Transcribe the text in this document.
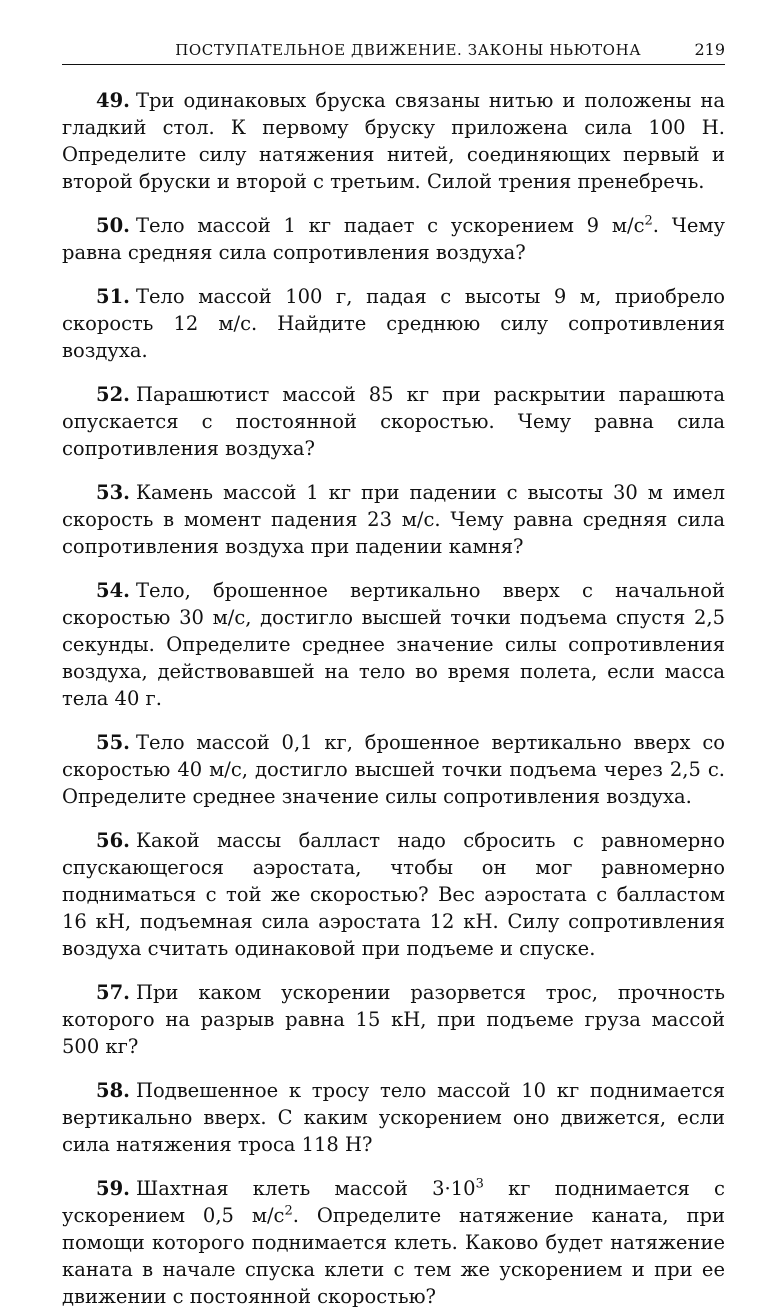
ПОСТУПАТЕЛЬНОЕ ДВИЖЕНИЕ. ЗАКОНЫ НЬЮТОНА	219

49. Три одинаковых бруска связаны нитью и положены на гладкий стол. К первому бруску приложена сила 100 Н. Определите силу натяжения нитей, соединяющих первый и второй бруски и второй с третьим. Силой трения пренебречь.

50. Тело массой 1 кг падает с ускорением 9 $м/с^2$. Чему равна средняя сила сопротивления воздуха?

51. Тело массой 100 г, падая с высоты 9 м, приобрело скорость 12 м/с. Найдите среднюю силу сопротивления воздуха.

52. Парашютист массой 85 кг при раскрытии парашюта опускается с постоянной скоростью. Чему равна сила сопротивления воздуха?

53. Камень массой 1 кг при падении с высоты 30 м имел скорость в момент падения 23 м/с. Чему равна средняя сила сопротивления воздуха при падении камня?

54. Тело, брошенное вертикально вверх с начальной скоростью 30 м/с, достигло высшей точки подъема спустя 2,5 секунды. Определите среднее значение силы сопротивления воздуха, действовавшей на тело во время полета, если масса тела 40 г.

55. Тело массой 0,1 кг, брошенное вертикально вверх со скоростью 40 м/с, достигло высшей точки подъема через 2,5 с. Определите среднее значение силы сопротивления воздуха.

56. Какой массы балласт надо сбросить с равномерно спускающегося аэростата, чтобы он мог равномерно подниматься с той же скоростью? Вес аэростата с балластом 16 кН, подъемная сила аэростата 12 кН. Силу сопротивления воздуха считать одинаковой при подъеме и спуске.

57. При каком ускорении разорвется трос, прочность которого на разрыв равна 15 кН, при подъеме груза массой 500 кг?

58. Подвешенное к тросу тело массой 10 кг поднимается вертикально вверх. С каким ускорением оно движется, если сила натяжения троса 118 Н?

59. Шахтная клеть массой $3\cdot 10^3$ кг поднимается с ускорением 0,5 $м/с^2$. Определите натяжение каната, при помощи которого поднимается клеть. Каково будет натяжение каната в начале спуска клети с тем же ускорением и при ее движении с постоянной скоростью?
